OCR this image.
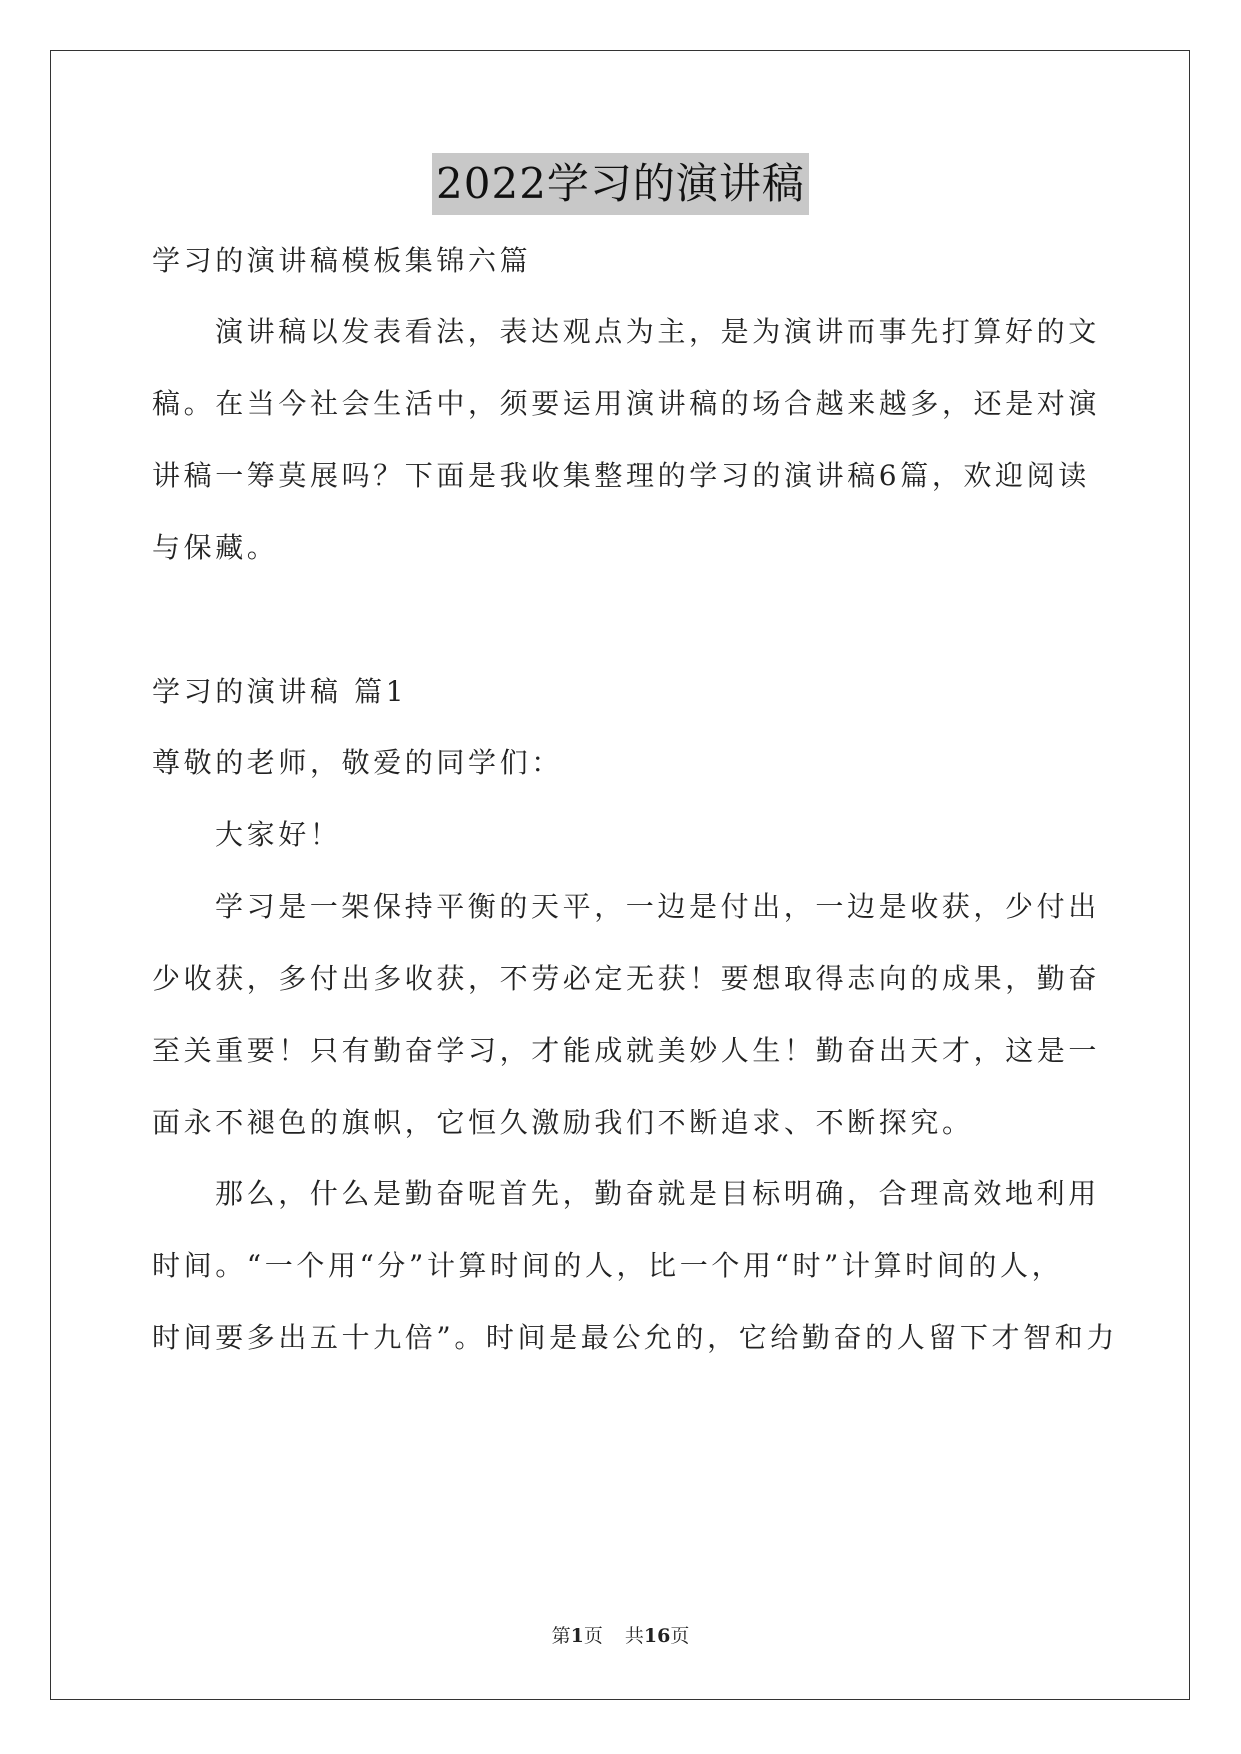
2022学习的演讲稿
学习的演讲稿模板集锦六篇
演讲稿以发表看法，表达观点为主，是为演讲而事先打算好的文
稿。在当今社会生活中，须要运用演讲稿的场合越来越多，还是对演
讲稿一筹莫展吗？下面是我收集整理的学习的演讲稿6篇，欢迎阅读
与保藏。
学习的演讲稿 篇1
尊敬的老师，敬爱的同学们：
大家好！
学习是一架保持平衡的天平，一边是付出，一边是收获，少付出
少收获，多付出多收获，不劳必定无获！要想取得志向的成果，勤奋
至关重要！只有勤奋学习，才能成就美妙人生！勤奋出天才，这是一
面永不褪色的旗帜，它恒久激励我们不断追求、不断探究。
那么，什么是勤奋呢首先，勤奋就是目标明确，合理高效地利用
时间。“一个用“分”计算时间的人，比一个用“时”计算时间的人，
时间要多出五十九倍”。时间是最公允的，它给勤奋的人留下才智和力
第1页 共16页
